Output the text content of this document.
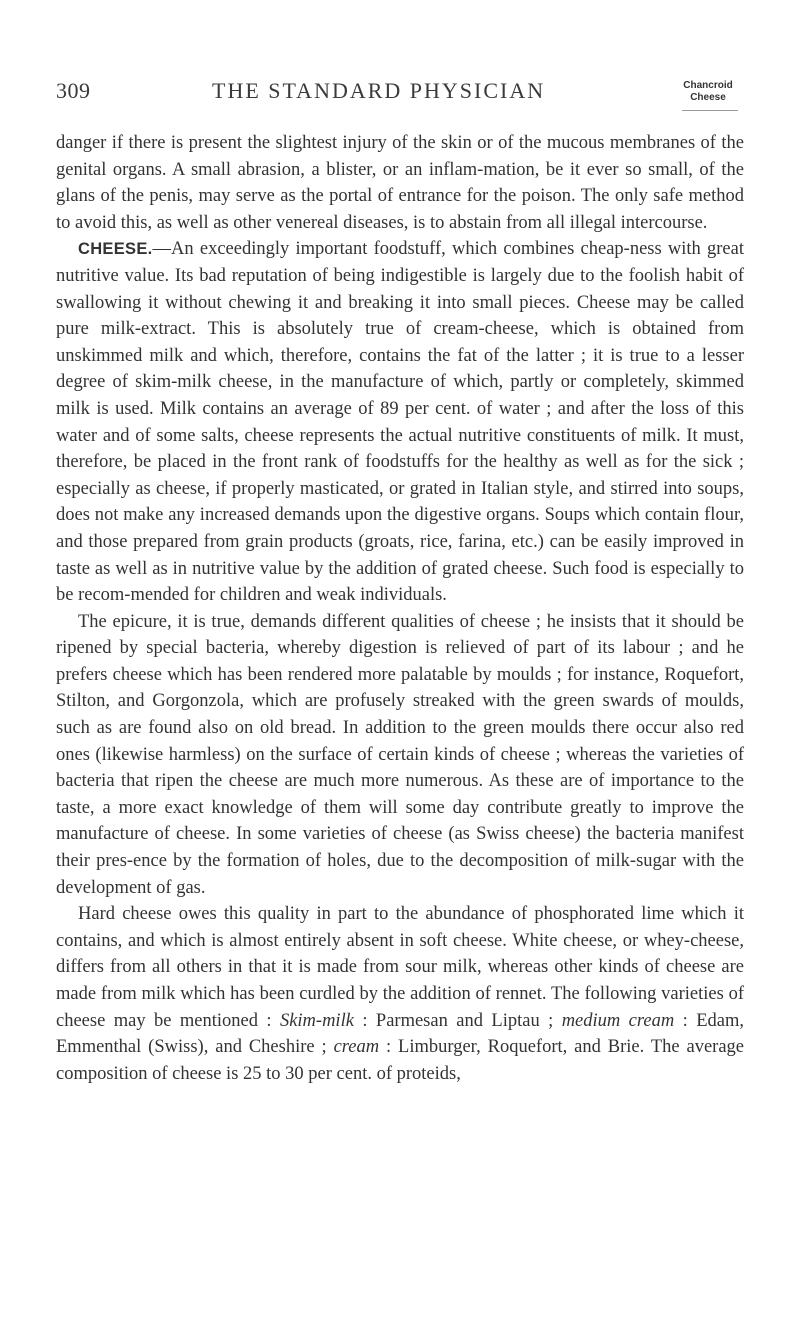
309	THE STANDARD PHYSICIAN	Chancroid
Cheese

danger if there is present the slightest injury of the skin or of the mucous membranes of the genital organs. A small abrasion, a blister, or an inflam-mation, be it ever so small, of the glans of the penis, may serve as the portal of entrance for the poison. The only safe method to avoid this, as well as other venereal diseases, is to abstain from all illegal intercourse.

CHEESE.—An exceedingly important foodstuff, which combines cheap-ness with great nutritive value. Its bad reputation of being indigestible is largely due to the foolish habit of swallowing it without chewing it and breaking it into small pieces. Cheese may be called pure milk-extract. This is absolutely true of cream-cheese, which is obtained from unskimmed milk and which, therefore, contains the fat of the latter ; it is true to a lesser degree of skim-milk cheese, in the manufacture of which, partly or completely, skimmed milk is used. Milk contains an average of 89 per cent. of water ; and after the loss of this water and of some salts, cheese represents the actual nutritive constituents of milk. It must, therefore, be placed in the front rank of foodstuffs for the healthy as well as for the sick ; especially as cheese, if properly masticated, or grated in Italian style, and stirred into soups, does not make any increased demands upon the digestive organs. Soups which contain flour, and those prepared from grain products (groats, rice, farina, etc.) can be easily improved in taste as well as in nutritive value by the addition of grated cheese. Such food is especially to be recom-mended for children and weak individuals.

The epicure, it is true, demands different qualities of cheese ; he insists that it should be ripened by special bacteria, whereby digestion is relieved of part of its labour ; and he prefers cheese which has been rendered more palatable by moulds ; for instance, Roquefort, Stilton, and Gorgonzola, which are profusely streaked with the green swards of moulds, such as are found also on old bread. In addition to the green moulds there occur also red ones (likewise harmless) on the surface of certain kinds of cheese ; whereas the varieties of bacteria that ripen the cheese are much more numerous. As these are of importance to the taste, a more exact knowledge of them will some day contribute greatly to improve the manufacture of cheese. In some varieties of cheese (as Swiss cheese) the bacteria manifest their pres-ence by the formation of holes, due to the decomposition of milk-sugar with the development of gas.

Hard cheese owes this quality in part to the abundance of phosphorated lime which it contains, and which is almost entirely absent in soft cheese. White cheese, or whey-cheese, differs from all others in that it is made from sour milk, whereas other kinds of cheese are made from milk which has been curdled by the addition of rennet. The following varieties of cheese may be mentioned : Skim-milk : Parmesan and Liptau ; medium cream : Edam, Emmenthal (Swiss), and Cheshire ; cream : Limburger, Roquefort, and Brie. The average composition of cheese is 25 to 30 per cent. of proteids,
